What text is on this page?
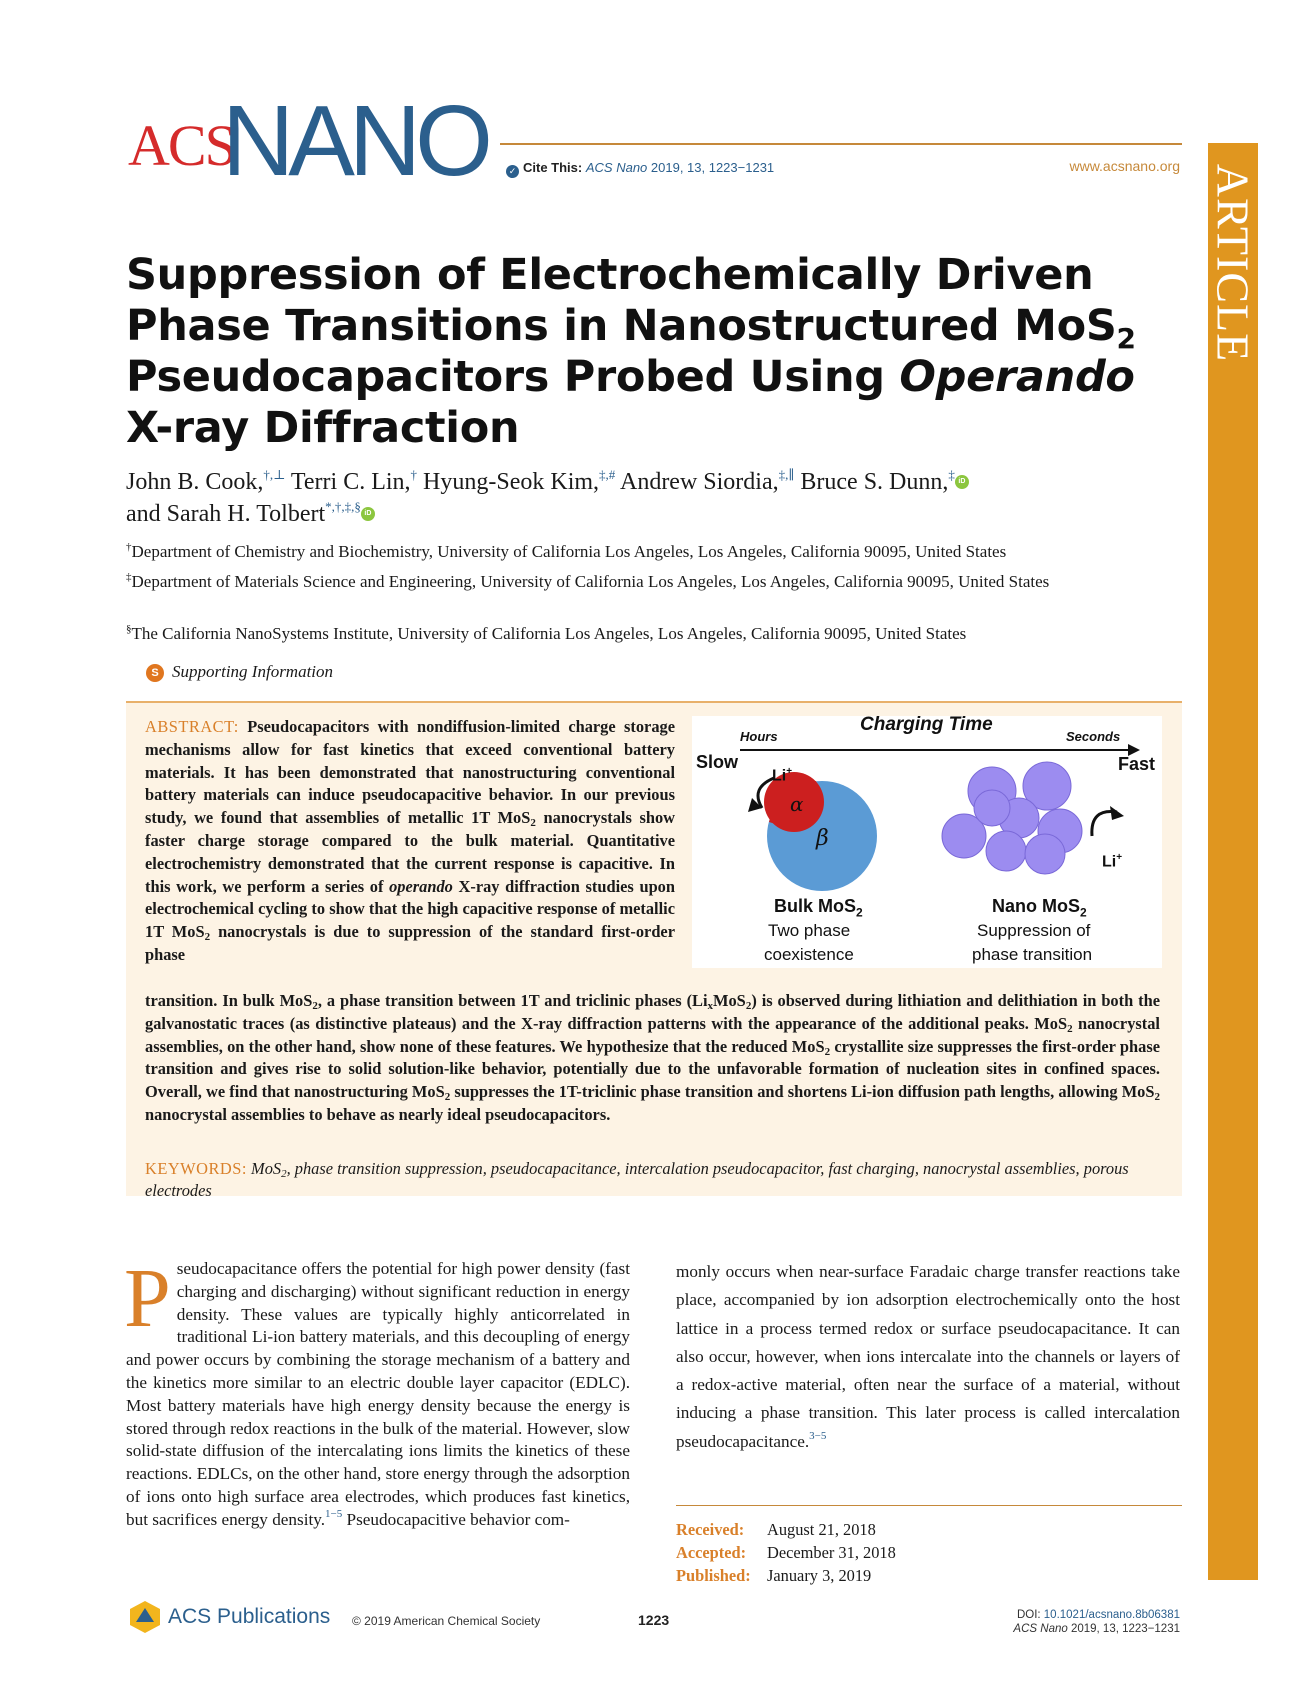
ACS
NANO	✓ Cite This: ACS Nano 2019, 13, 1223−1231	www.acsnano.org ARTICLE
Suppression of Electrochemically Driven
Phase Transitions in Nanostructured MoS$_2$
Pseudocapacitors Probed Using Operando
X-ray Diffraction
John B. Cook,†,⊥ Terri C. Lin,† Hyung-Seok Kim,‡,# Andrew Siordia,‡,∥ Bruce S. Dunn,‡ iD
and Sarah H. Tolbert*,†,‡,§ iD
†Department of Chemistry and Biochemistry, University of California Los Angeles, Los Angeles, California 90095, United States
‡Department of Materials Science and Engineering, University of California Los Angeles, Los Angeles, California 90095, United States
§The California NanoSystems Institute, University of California Los Angeles, Los Angeles, California 90095, United States
S Supporting Information
ABSTRACT: Pseudocapacitors with nondiffusion-limited charge storage mechanisms allow for fast kinetics that exceed conventional battery materials. It has been demonstrated that nanostructuring conventional battery materials can induce pseudocapacitive behavior. In our previous study, we found that assemblies of metallic 1T MoS$_2$ nanocrystals show faster charge storage compared to the bulk material. Quantitative electrochemistry demonstrated that the current response is capacitive. In this work, we perform a series of operando X-ray diffraction studies upon electrochemical cycling to show that the high capacitive response of metallic 1T MoS$_2$ nanocrystals is due to suppression of the standard first-order phase
transition. In bulk MoS$_2$, a phase transition between 1T and triclinic phases $(Li_xMoS_2)$ is observed during lithiation and delithiation in both the galvanostatic traces (as distinctive plateaus) and the X-ray diffraction patterns with the appearance of the additional peaks. MoS$_2$ nanocrystal assemblies, on the other hand, show none of these features. We hypothesize that the reduced MoS$_2$ crystallite size suppresses the first-order phase transition and gives rise to solid solution-like behavior, potentially due to the unfavorable formation of nucleation sites in confined spaces. Overall, we find that nanostructuring MoS$_2$ suppresses the 1T-triclinic phase transition and shortens Li-ion diffusion path lengths, allowing MoS$_2$ nanocrystal assemblies to behave as nearly ideal pseudocapacitors.
KEYWORDS: MoS$_2$, phase transition suppression, pseudocapacitance, intercalation pseudocapacitor, fast charging, nanocrystal assemblies, porous electrodes
Charging Time
Hours	Seconds
Slow	Fast
Li+
α
β
Li+
Bulk MoS$_2$
Two phase
coexistence
Nano MoS$_2$
Suppression of
phase transition
Pseudocapacitance offers the potential for high power density (fast charging and discharging) without significant reduction in energy density. These values are typically highly anticorrelated in traditional Li-ion battery materials, and this decoupling of energy and power occurs by combining the storage mechanism of a battery and the kinetics more similar to an electric double layer capacitor (EDLC). Most battery materials have high energy density because the energy is stored through redox reactions in the bulk of the material. However, slow solid-state diffusion of the intercalating ions limits the kinetics of these reactions. EDLCs, on the other hand, store energy through the adsorption of ions onto high surface area electrodes, which produces fast kinetics, but sacrifices energy density.$^{1-5}$ Pseudocapacitive behavior com-
monly occurs when near-surface Faradaic charge transfer reactions take place, accompanied by ion adsorption electrochemically onto the host lattice in a process termed redox or surface pseudocapacitance. It can also occur, however, when ions intercalate into the channels or layers of a redox-active material, often near the surface of a material, without inducing a phase transition. This later process is called intercalation pseudocapacitance.$^{3-5}$
Received: August 21, 2018
Accepted: December 31, 2018
Published: January 3, 2019
ACS Publications © 2019 American Chemical Society	1223	DOI: 10.1021/acsnano.8b06381
ACS Nano 2019, 13, 1223−1231
